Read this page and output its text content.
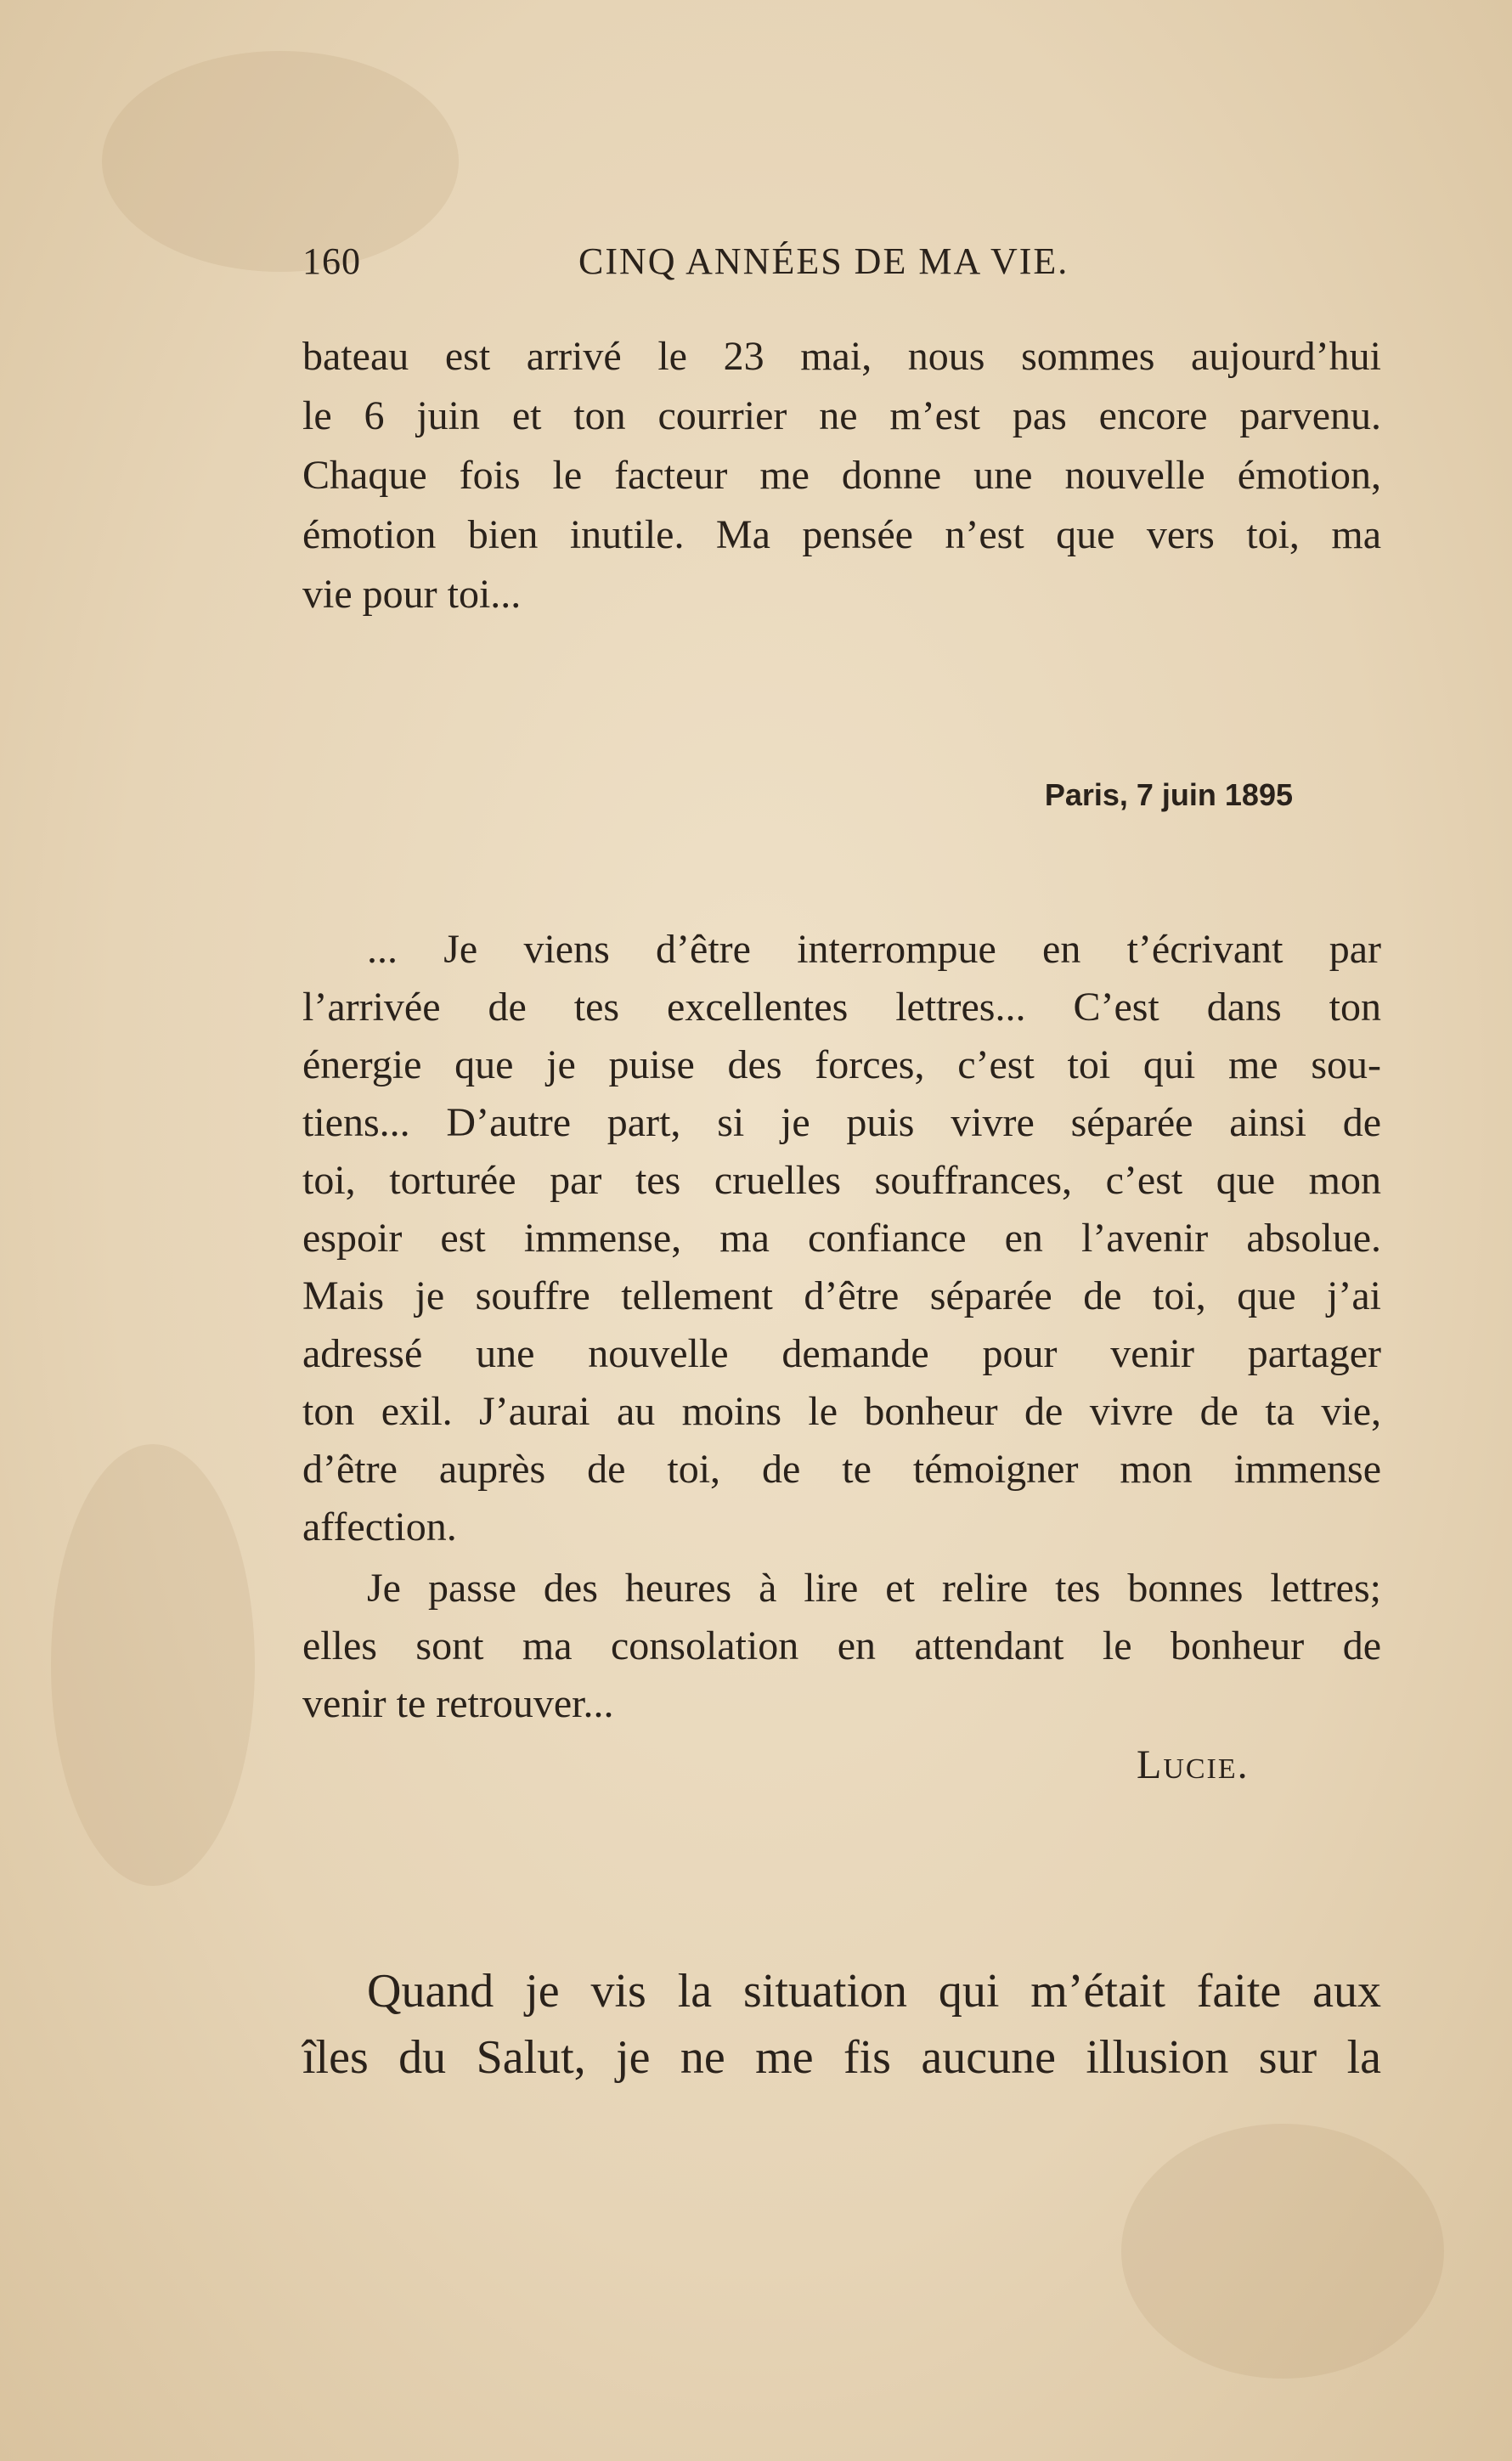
160	CINQ ANNÉES DE MA VIE.
bateau est arrivé le 23 mai, nous sommes aujourd’hui
le 6 juin et ton courrier ne m’est pas encore parvenu.
Chaque fois le facteur me donne une nouvelle émotion,
émotion bien inutile. Ma pensée n’est que vers toi, ma
vie pour toi...
Paris, 7 juin 1895
... Je viens d’être interrompue en t’écrivant par
l’arrivée de tes excellentes lettres... C’est dans ton
énergie que je puise des forces, c’est toi qui me sou-
tiens... D’autre part, si je puis vivre séparée ainsi de
toi, torturée par tes cruelles souffrances, c’est que mon
espoir est immense, ma confiance en l’avenir absolue.
Mais je souffre tellement d’être séparée de toi, que j’ai
adressé une nouvelle demande pour venir partager
ton exil. J’aurai au moins le bonheur de vivre de ta vie,
d’être auprès de toi, de te témoigner mon immense
affection.
Je passe des heures à lire et relire tes bonnes lettres;
elles sont ma consolation en attendant le bonheur de
venir te retrouver...
Lucie.
Quand je vis la situation qui m’était faite aux
îles du Salut, je ne me fis aucune illusion sur la
